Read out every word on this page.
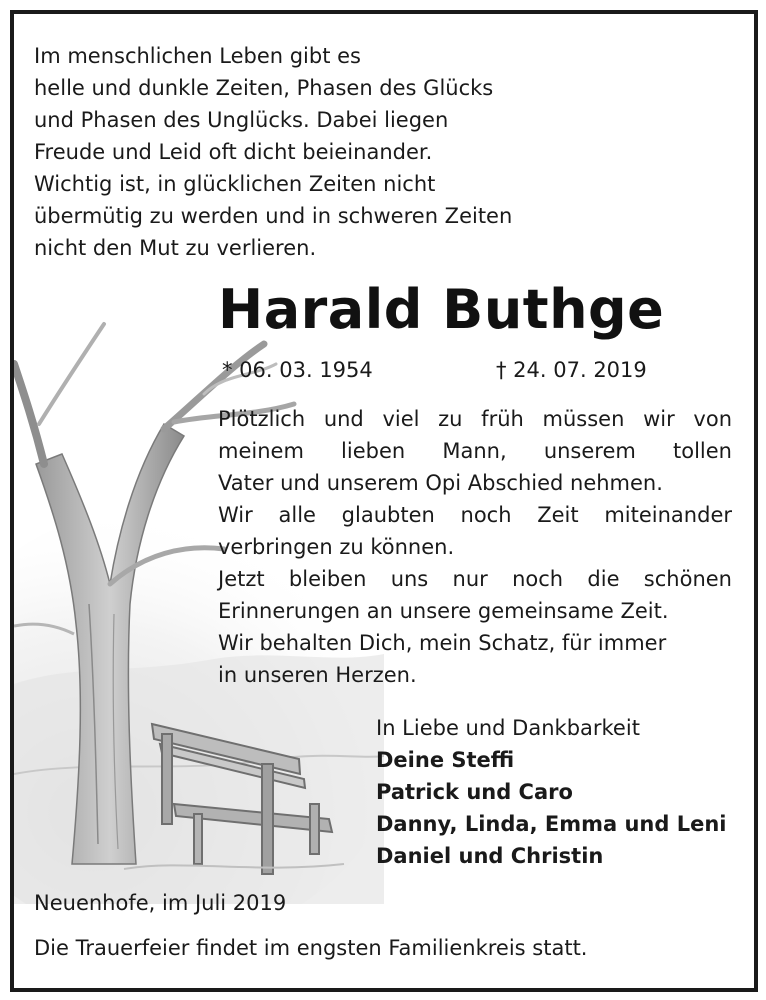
Im menschlichen Leben gibt es
helle und dunkle Zeiten, Phasen des Glücks
und Phasen des Unglücks. Dabei liegen
Freude und Leid oft dicht beieinander.
Wichtig ist, in glücklichen Zeiten nicht
übermütig zu werden und in schweren Zeiten
nicht den Mut zu verlieren.
Harald Buthge
* 06. 03. 1954	† 24. 07. 2019
Plötzlich und viel zu früh müssen wir von
meinem lieben Mann, unserem tollen
Vater und unserem Opi Abschied nehmen.
Wir alle glaubten noch Zeit miteinander
verbringen zu können.
Jetzt bleiben uns nur noch die schönen
Erinnerungen an unsere gemeinsame Zeit.
Wir behalten Dich, mein Schatz, für immer
in unseren Herzen.
In Liebe und Dankbarkeit
Deine Steffi
Patrick und Caro
Danny, Linda, Emma und Leni
Daniel und Christin
Neuenhofe, im Juli 2019
Die Trauerfeier findet im engsten Familienkreis statt.
